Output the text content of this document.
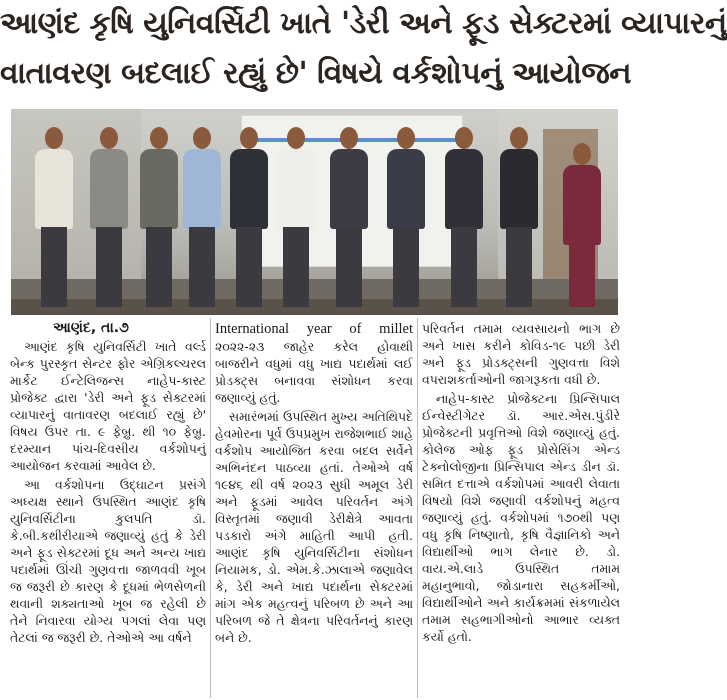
આણંદ કૃષિ યુનિવર્સિટી ખાતે 'ડેરી અને ફૂડ સેક્ટરમાં વ્યાપારનું
વાતાવરણ બદલાઈ રહ્યું છે' વિષયે વર્કશોપનું આયોજન
આણંદ, તા.૭

આણંદ કૃષિ યુનિવર્સિટી ખાતે વર્લ્ડ બેન્ક પુરસ્કૃત સેન્ટર ફોર એગ્રિકલ્ચરલ માર્કેટ ઈન્ટેલિજન્સ નાહેપ-કાસ્ટ પ્રોજેક્ટ દ્વારા 'ડેરી અને ફૂડ સેક્ટરમાં વ્યાપારનું વાતાવરણ બદલાઈ રહ્યું છે' વિષય ઉપર તા. ૯ ફેબ્રુ. થી ૧૦ ફેબ્રુ. દરમ્યાન પાંચ-દિવસીય વર્કશોપનું આયોજન કરવામાં આવેલ છે.

આ વર્કશોપના ઉદ્ઘાટન પ્રસંગે અધ્યક્ષ સ્થાને ઉપસ્થિત આણંદ કૃષિ યુનિવર્સિટીના કુલપતિ ડૉ. કે.બી.કથીરીયાએ જણાવ્યું હતું કે ડેરી અને ફૂડ સેક્ટરમાં દૂધ અને અન્ય ખાદ્ય પદાર્થમાં ઊંચી ગુણવત્તા જાળવવી ખૂબ જ જરૂરી છે કારણ કે દૂધમાં ભેળસેળની થવાની શક્યતાઓ ખૂબ જ રહેલી છે તેને નિવારવા યોગ્ય પગલાં લેવા પણ તેટલાં જ જરૂરી છે. તેઓએ આ વર્ષને

International year of millet ૨૦૨૨-૨૩ જાહેર કરેલ હોવાથી બાજરીને વધુમાં વધુ ખાદ્ય પદાર્થમાં લઈ પ્રોડક્ટ્સ બનાવવા સંશોધન કરવા જણાવ્યું હતું.

સમારંભમાં ઉપસ્થિત મુખ્ય અતિથિપદે હેવમોરના પૂર્વ ઉપપ્રમુખ રાજેશભાઈ શાહે વર્કશોપ આયોજિત કરવા બદલ સર્વેને અભિનંદન પાઠવ્યા હતાં. તેઓએ વર્ષ ૧૯૪૬ થી વર્ષ ૨૦૨૩ સુધી અમૂલ ડેરી અને ફૂડમાં આવેલ પરિવર્તન અંગે વિસ્તૃતમાં જણાવી ડેરીક્ષેત્રે આવતા પડકારો અંગે માહિતી આપી હતી. આણંદ કૃષિ યુનિવર્સિટીના સંશોધન નિયામક, ડો. એમ.કે.ઝાલાએ જણાવેલ કે, ડેરી અને ખાદ્ય પદાર્થના સેક્ટરમાં માંગ એક મહત્વનું પરિબળ છે અને આ પરિબળ જે તે ક્ષેત્રના પરિવર્તનનું કારણ બને છે.

પરિવર્તન તમામ વ્યવસાયનો ભાગ છે અને ખાસ કરીને કોવિડ-૧૯ પછી ડેરી અને ફૂડ પ્રોડક્ટ્સની ગુણવત્તા વિશે વપરાશકર્તાઓની જાગરૂકતા વધી છે.

નાહેપ-કાસ્ટ પ્રોજેક્ટના પ્રિન્સિપાલ ઈન્વેસ્ટીગેટર ડૉ. આર.એસ.પુંડીરે પ્રોજેક્ટની પ્રવૃત્તિઓ વિશે જણાવ્યું હતું. કોલેજ ઓફ ફૂડ પ્રોસેસિંગ એન્ડ ટેક્નોલોજીના પ્રિન્સિપાલ એન્ડ ડીન ડૉ. સમિત દત્તાએ વર્કશોપમાં આવરી લેવાતા વિષયો વિશે જણાવી વર્કશોપનું મહત્વ જણાવ્યું હતું. વર્કશોપમાં ૧૭૦થી પણ વધુ કૃષિ નિષ્ણાતો, કૃષિ વૈજ્ઞાનિકો અને વિદ્યાર્થીઓ ભાગ લેનાર છે. ડો. વાય.એ.લાડે ઉપસ્થિત તમામ મહાનુભાવો, જોડાનારા સહકર્મીઓ, વિદ્યાર્થીઓને અને કાર્યક્રમમાં સંકળાયેલ તમામ સહભાગીઓનો આભાર વ્યક્ત કર્યો હતો.
